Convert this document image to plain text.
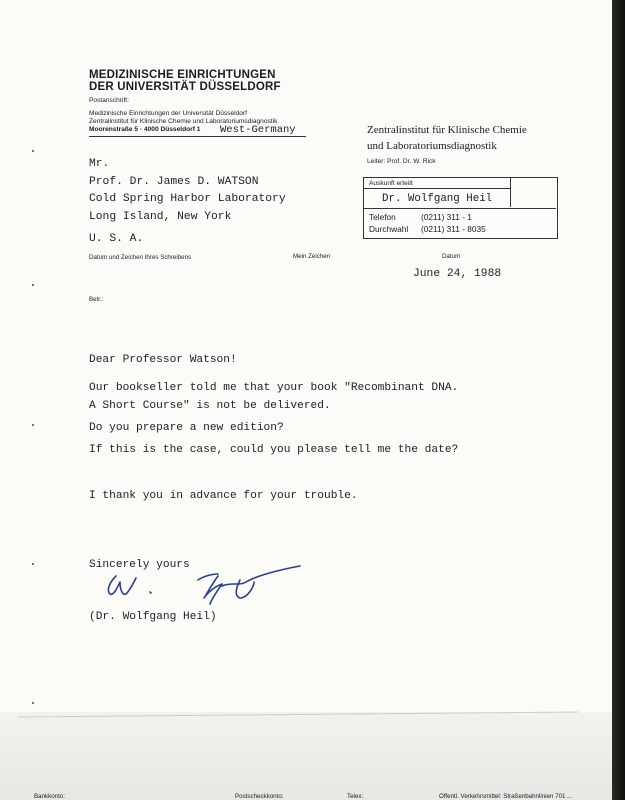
MEDIZINISCHE EINRICHTUNGEN
DER UNIVERSITÄT DÜSSELDORF
Postanschrift:
Medizinische Einrichtungen der Universität Düsseldorf
Zentralinstitut für Klinische Chemie und Laboratoriumsdiagnostik
Moorenstraße 5 · 4000 Düsseldorf 1 West-Germany	Zentralinstitut für Klinische Chemie
und Laboratoriumsdiagnostik
Leiter: Prof. Dr. W. Rick
Auskunft erteilt
Dr. Wolfgang Heil
Telefon	(0211) 311 - 1
Durchwahl (0211) 311 - 8035
Mr.
Prof. Dr. James D. WATSON
Cold Spring Harbor Laboratory
Long Island, New York
U. S. A.
Datum und Zeichen Ihres Schreibens	Mein Zeichen	Datum
June 24, 1988
Betr.:
Dear Professor Watson!
Our bookseller told me that your book "Recombinant DNA.
A Short Course" is not be delivered.
Do you prepare a new edition?
If this is the case, could you please tell me the date?
I thank you in advance for your trouble.
Sincerely yours
(Dr. Wolfgang Heil)
Bankkonto:	Postscheckkonto:	Telex:	Öffentl. Verkehrsmittel: Straßenbahnlinien 701 ...
